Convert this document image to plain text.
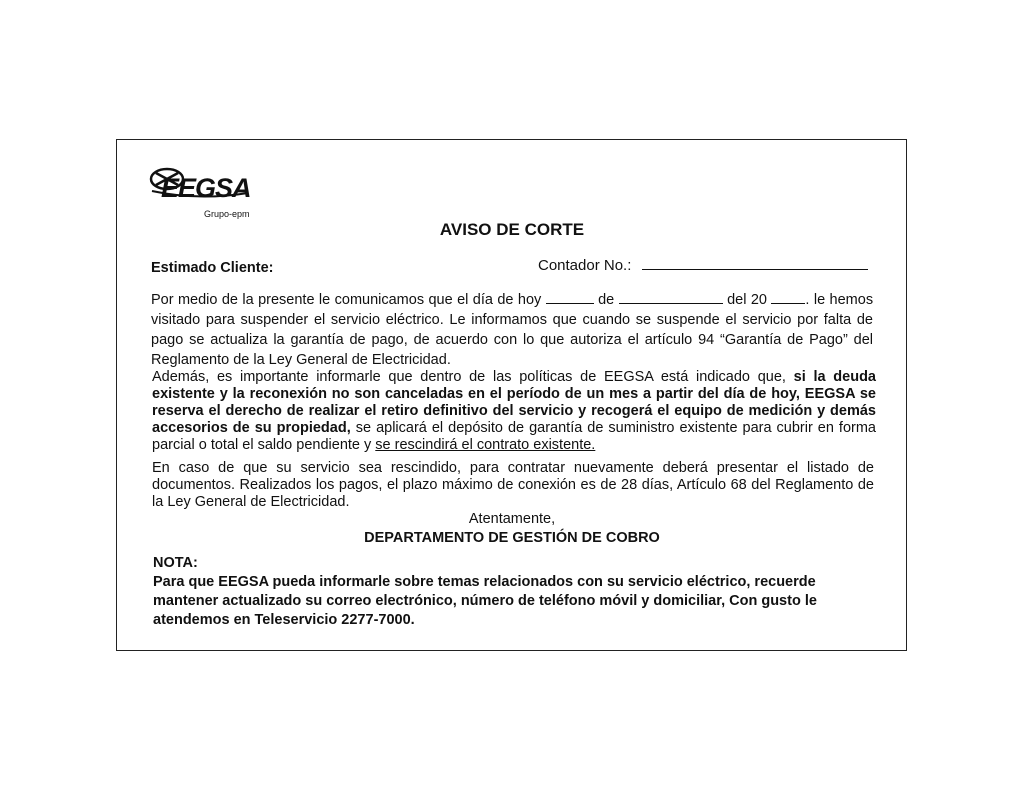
EEGSA
Grupo-epm
AVISO DE CORTE
Estimado Cliente:	Contador No.:
Por medio de la presente le comunicamos que el día de hoy	de	del 20	. le hemos visitado para suspender el servicio eléctrico. Le informamos que cuando se suspende el servicio por falta de pago se actualiza la garantía de pago, de acuerdo con lo que autoriza el artículo 94 “Garantía de Pago” del Reglamento de la Ley General de Electricidad.
Además, es importante informarle que dentro de las políticas de EEGSA está indicado que, si la deuda existente y la reconexión no son canceladas en el período de un mes a partir del día de hoy, EEGSA se reserva el derecho de realizar el retiro definitivo del servicio y recogerá el equipo de medición y demás accesorios de su propiedad, se aplicará el depósito de garantía de suministro existente para cubrir en forma parcial o total el saldo pendiente y se rescindirá el contrato existente.
En caso de que su servicio sea rescindido, para contratar nuevamente deberá presentar el listado de documentos. Realizados los pagos, el plazo máximo de conexión es de 28 días, Artículo 68 del Reglamento de la Ley General de Electricidad.
Atentamente,
DEPARTAMENTO DE GESTIÓN DE COBRO
NOTA:
Para que EEGSA pueda informarle sobre temas relacionados con su servicio eléctrico, recuerde mantener actualizado su correo electrónico, número de teléfono móvil y domiciliar, Con gusto le atendemos en Teleservicio 2277-7000.
